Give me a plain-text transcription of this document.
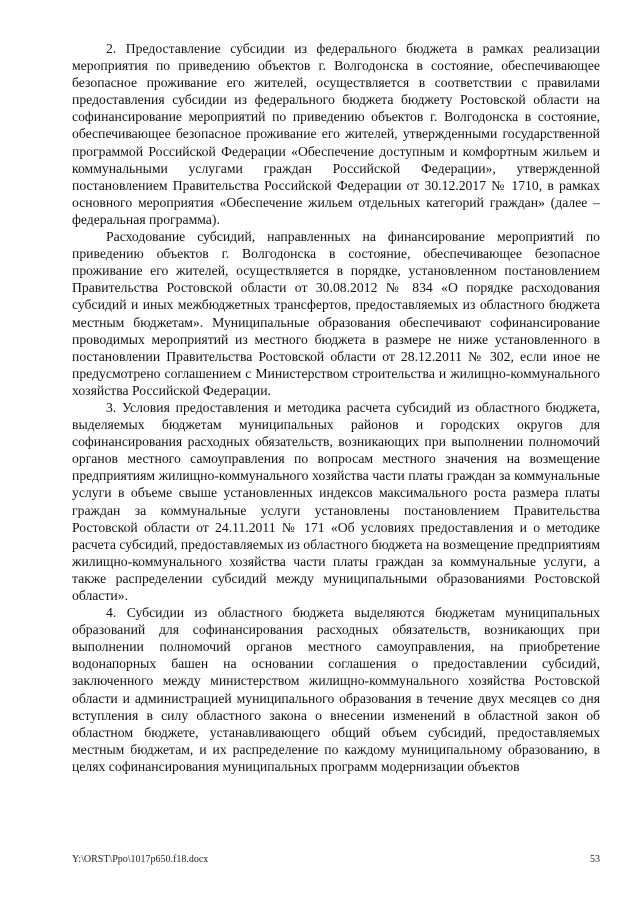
2. Предоставление субсидии из федерального бюджета в рамках реализации мероприятия по приведению объектов г. Волгодонска в состояние, обеспечивающее безопасное проживание его жителей, осуществляется в соответствии с правилами предоставления субсидии из федерального бюджета бюджету Ростовской области на софинансирование мероприятий по приведению объектов г. Волгодонска в состояние, обеспечивающее безопасное проживание его жителей, утвержденными государственной программой Российской Федерации «Обеспечение доступным и комфортным жильем и коммунальными услугами граждан Российской Федерации», утвержденной постановлением Правительства Российской Федерации от 30.12.2017 № 1710, в рамках основного мероприятия «Обеспечение жильем отдельных категорий граждан» (далее – федеральная программа).

Расходование субсидий, направленных на финансирование мероприятий по приведению объектов г. Волгодонска в состояние, обеспечивающее безопасное проживание его жителей, осуществляется в порядке, установленном постановлением Правительства Ростовской области от 30.08.2012 № 834 «О порядке расходования субсидий и иных межбюджетных трансфертов, предоставляемых из областного бюджета местным бюджетам». Муниципальные образования обеспечивают софинансирование проводимых мероприятий из местного бюджета в размере не ниже установленного в постановлении Правительства Ростовской области от 28.12.2011 № 302, если иное не предусмотрено соглашением с Министерством строительства и жилищно-коммунального хозяйства Российской Федерации.

3. Условия предоставления и методика расчета субсидий из областного бюджета, выделяемых бюджетам муниципальных районов и городских округов для софинансирования расходных обязательств, возникающих при выполнении полномочий органов местного самоуправления по вопросам местного значения на возмещение предприятиям жилищно-коммунального хозяйства части платы граждан за коммунальные услуги в объеме свыше установленных индексов максимального роста размера платы граждан за коммунальные услуги установлены постановлением Правительства Ростовской области от 24.11.2011 № 171 «Об условиях предоставления и о методике расчета субсидий, предоставляемых из областного бюджета на возмещение предприятиям жилищно-коммунального хозяйства части платы граждан за коммунальные услуги, а также распределении субсидий между муниципальными образованиями Ростовской области».

4. Субсидии из областного бюджета выделяются бюджетам муниципальных образований для софинансирования расходных обязательств, возникающих при выполнении полномочий органов местного самоуправления, на приобретение водонапорных башен на основании соглашения о предоставлении субсидий, заключенного между министерством жилищно-коммунального хозяйства Ростовской области и администрацией муниципального образования в течение двух месяцев со дня вступления в силу областного закона о внесении изменений в областной закон об областном бюджете, устанавливающего общий объем субсидий, предоставляемых местным бюджетам, и их распределение по каждому муниципальному образованию, в целях софинансирования муниципальных программ модернизации объектов

Y:\ORST\Ppo\1017p650.f18.docx	53
